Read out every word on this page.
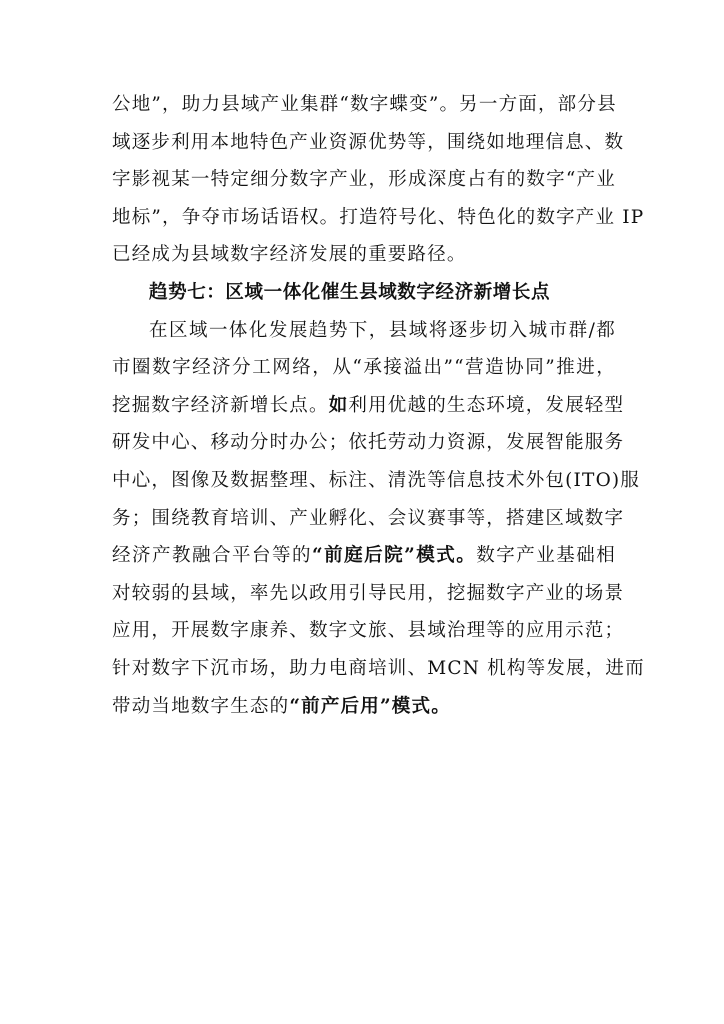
公地”，助力县域产业集群“数字蝶变”。另一方面，部分县
域逐步利用本地特色产业资源优势等，围绕如地理信息、数
字影视某一特定细分数字产业，形成深度占有的数字“产业
地标”，争夺市场话语权。打造符号化、特色化的数字产业 IP
已经成为县域数字经济发展的重要路径。
趋势七：区域一体化催生县域数字经济新增长点
在区域一体化发展趋势下，县域将逐步切入城市群/都
市圈数字经济分工网络，从“承接溢出”“营造协同”推进，
挖掘数字经济新增长点。如利用优越的生态环境，发展轻型
研发中心、移动分时办公；依托劳动力资源，发展智能服务
中心，图像及数据整理、标注、清洗等信息技术外包(ITO)服
务；围绕教育培训、产业孵化、会议赛事等，搭建区域数字
经济产教融合平台等的“前庭后院”模式。数字产业基础相
对较弱的县域，率先以政用引导民用，挖掘数字产业的场景
应用，开展数字康养、数字文旅、县域治理等的应用示范；
针对数字下沉市场，助力电商培训、MCN 机构等发展，进而
带动当地数字生态的“前产后用”模式。
